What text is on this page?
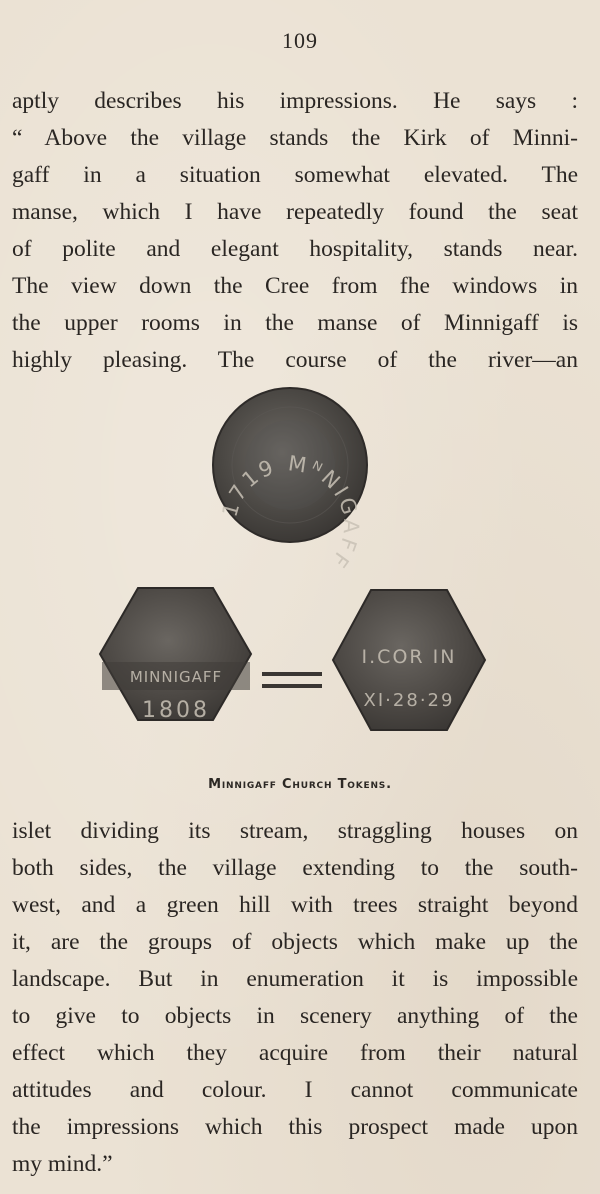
109
aptly describes his impressions. He says :
“ Above the village stands the Kirk of Minni-
gaff in a situation somewhat elevated. The
manse, which I have repeatedly found the seat
of polite and elegant hospitality, stands near.
The view down the Cree from fhe windows in
the upper rooms in the manse of Minnigaff is
highly pleasing. The course of the river—an
1719 MᴺNIGAFF
MINNIGAFF
1808
I.COR IN
XI·28·29
Minnigaff Church Tokens.
islet dividing its stream, straggling houses on
both sides, the village extending to the south-
west, and a green hill with trees straight beyond
it, are the groups of objects which make up the
landscape. But in enumeration it is impossible
to give to objects in scenery anything of the
effect which they acquire from their natural
attitudes and colour. I cannot communicate
the impressions which this prospect made upon
my mind.”
